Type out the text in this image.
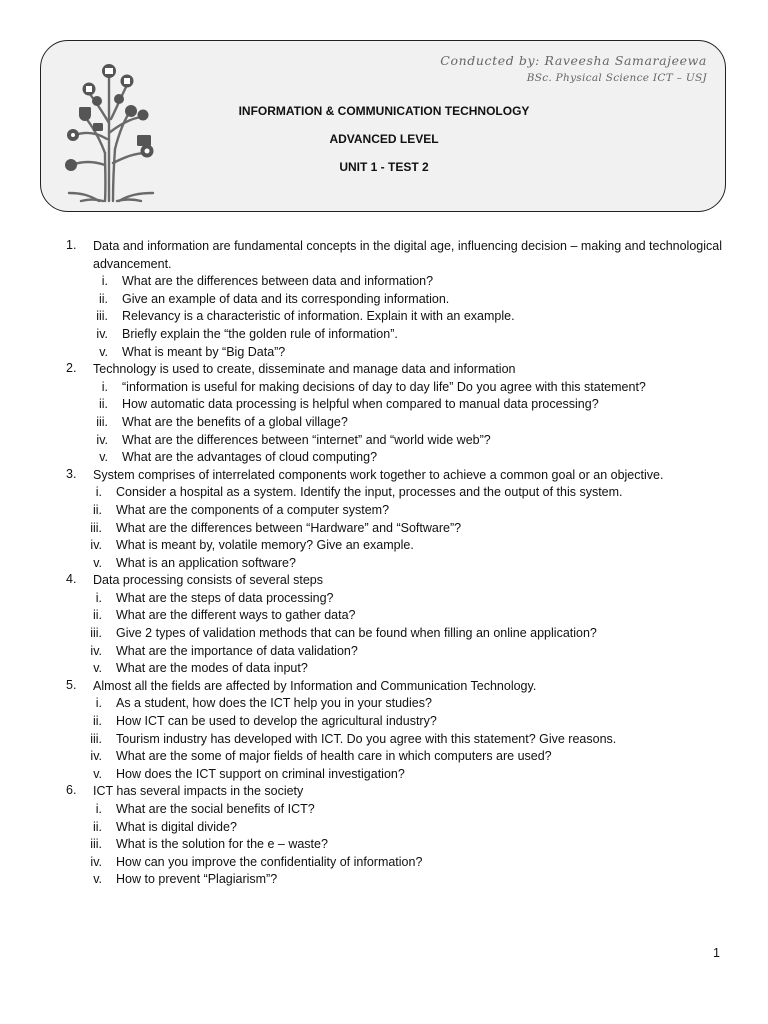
Conducted by: Raveesha Samarajeewa
BSc. Physical Science ICT – USJ
INFORMATION & COMMUNICATION TECHNOLOGY
ADVANCED LEVEL
UNIT 1 - TEST 2
1.	Data and information are fundamental concepts in the digital age, influencing decision – making and technological advancement.
i. What are the differences between data and information?
ii. Give an example of data and its corresponding information.
iii. Relevancy is a characteristic of information. Explain it with an example.
iv. Briefly explain the “the golden rule of information”.
v. What is meant by “Big Data”?
2.	Technology is used to create, disseminate and manage data and information
i. “information is useful for making decisions of day to day life” Do you agree with this statement?
ii. How automatic data processing is helpful when compared to manual data processing?
iii. What are the benefits of a global village?
iv. What are the differences between “internet” and “world wide web”?
v. What are the advantages of cloud computing?
3.	System comprises of interrelated components work together to achieve a common goal or an objective.
i. Consider a hospital as a system. Identify the input, processes and the output of this system.
ii. What are the components of a computer system?
iii. What are the differences between “Hardware” and “Software”?
iv. What is meant by, volatile memory? Give an example.
v. What is an application software?
4.	Data processing consists of several steps
i. What are the steps of data processing?
ii. What are the different ways to gather data?
iii. Give 2 types of validation methods that can be found when filling an online application?
iv. What are the importance of data validation?
v. What are the modes of data input?
5.	Almost all the fields are affected by Information and Communication Technology.
i. As a student, how does the ICT help you in your studies?
ii. How ICT can be used to develop the agricultural industry?
iii. Tourism industry has developed with ICT. Do you agree with this statement? Give reasons.
iv. What are the some of major fields of health care in which computers are used?
v. How does the ICT support on criminal investigation?
6.	ICT has several impacts in the society
i. What are the social benefits of ICT?
ii. What is digital divide?
iii. What is the solution for the e – waste?
iv. How can you improve the confidentiality of information?
v. How to prevent “Plagiarism”?
1
